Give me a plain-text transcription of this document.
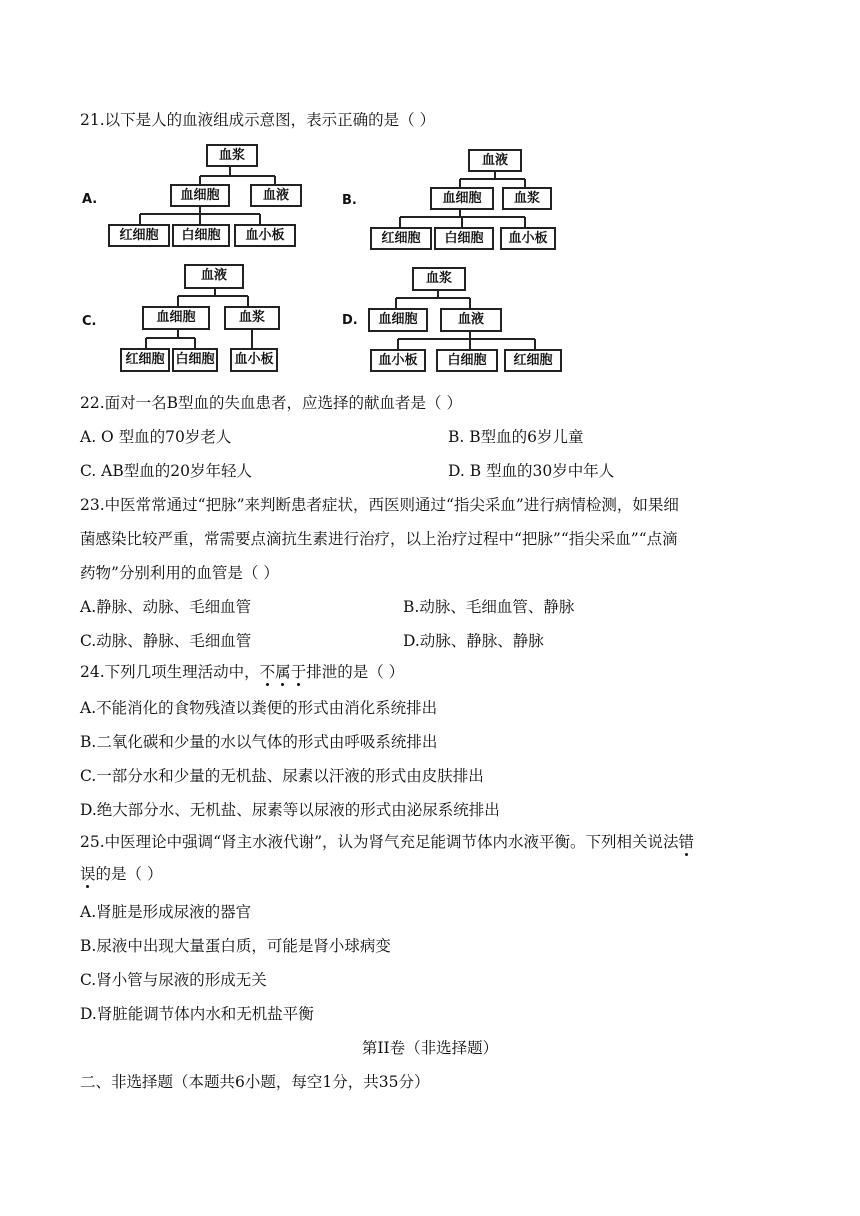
21.以下是人的血液组成示意图，表示正确的是（ ）
A.
血浆
血细胞	血液
红细胞	白细胞	血小板
B.
血液
血细胞	血浆
红细胞	白细胞	血小板
C.
血液
血细胞	血浆
红细胞 白细胞	血小板
D.
血浆
血细胞	血液
血小板	白细胞	红细胞
22.面对一名B型血的失血患者，应选择的献血者是（ ）
A. O 型血的70岁老人	B. B型血的6岁儿童
C. AB型血的20岁年轻人	D. B 型血的30岁中年人
23.中医常常通过“把脉”来判断患者症状，西医则通过“指尖采血”进行病情检测，如果细
菌感染比较严重，常需要点滴抗生素进行治疗，以上治疗过程中“把脉”“指尖采血”“点滴
药物”分别利用的血管是（ ）
A.静脉、动脉、毛细血管	B.动脉、毛细血管、静脉
C.动脉、静脉、毛细血管	D.动脉、静脉、静脉
24.下列几项生理活动中，不属于排泄的是（ ）
A.不能消化的食物残渣以粪便的形式由消化系统排出
B.二氧化碳和少量的水以气体的形式由呼吸系统排出
C.一部分水和少量的无机盐、尿素以汗液的形式由皮肤排出
D.绝大部分水、无机盐、尿素等以尿液的形式由泌尿系统排出
25.中医理论中强调“肾主水液代谢”，认为肾气充足能调节体内水液平衡。下列相关说法错
误的是（ ）
A.肾脏是形成尿液的器官
B.尿液中出现大量蛋白质，可能是肾小球病变
C.肾小管与尿液的形成无关
D.肾脏能调节体内水和无机盐平衡
第II卷（非选择题）
二、非选择题（本题共6小题，每空1分，共35分）
